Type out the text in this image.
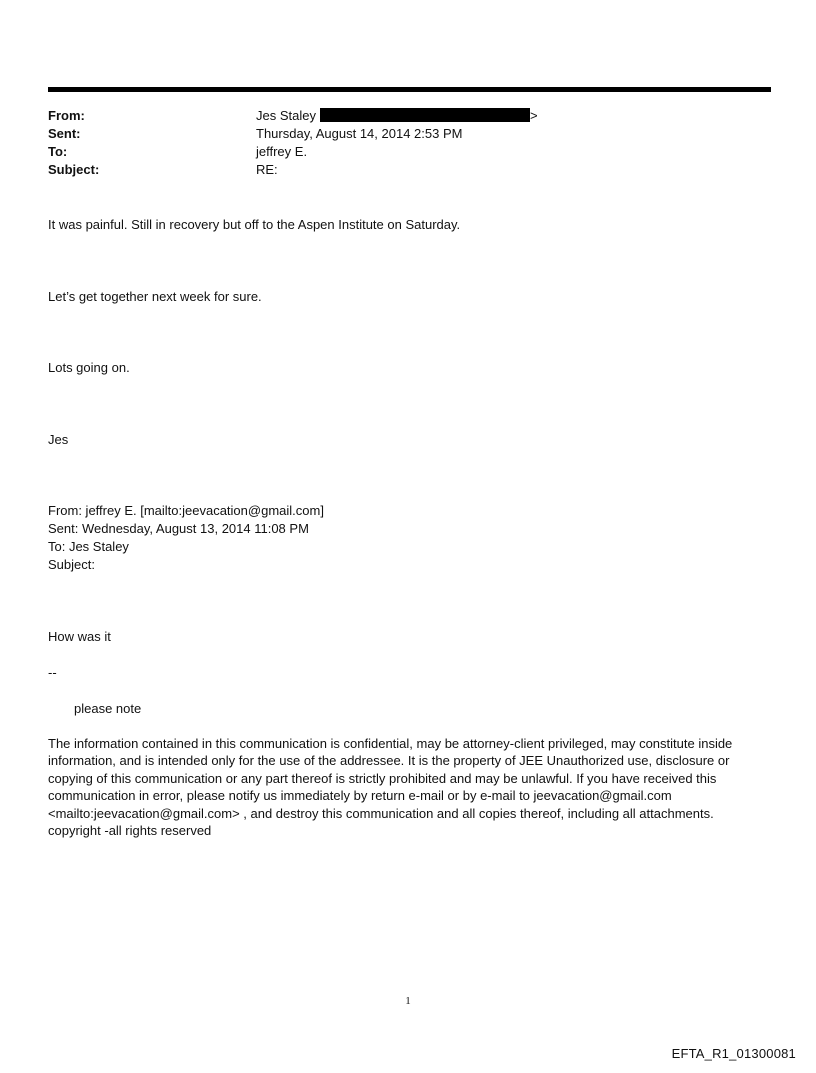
From:	Jes Staley	>
Sent:	Thursday, August 14, 2014 2:53 PM
To:	jeffrey E.
Subject:	RE:
It was painful. Still in recovery but off to the Aspen Institute on Saturday.
Let’s get together next week for sure.
Lots going on.
Jes
From: jeffrey E. [mailto:jeevacation@gmail.com]
Sent: Wednesday, August 13, 2014 11:08 PM
To: Jes Staley
Subject:
How was it
--
please note
The information contained in this communication is confidential, may be attorney-client privileged, may constitute inside information, and is intended only for the use of the addressee. It is the property of JEE Unauthorized use, disclosure or copying of this communication or any part thereof is strictly prohibited and may be unlawful. If you have received this communication in error, please notify us immediately by return e-mail or by e-mail to jeevacation@gmail.com <mailto:jeevacation@gmail.com> , and destroy this communication and all copies thereof, including all attachments. copyright -all rights reserved
1
EFTA_R1_01300081
